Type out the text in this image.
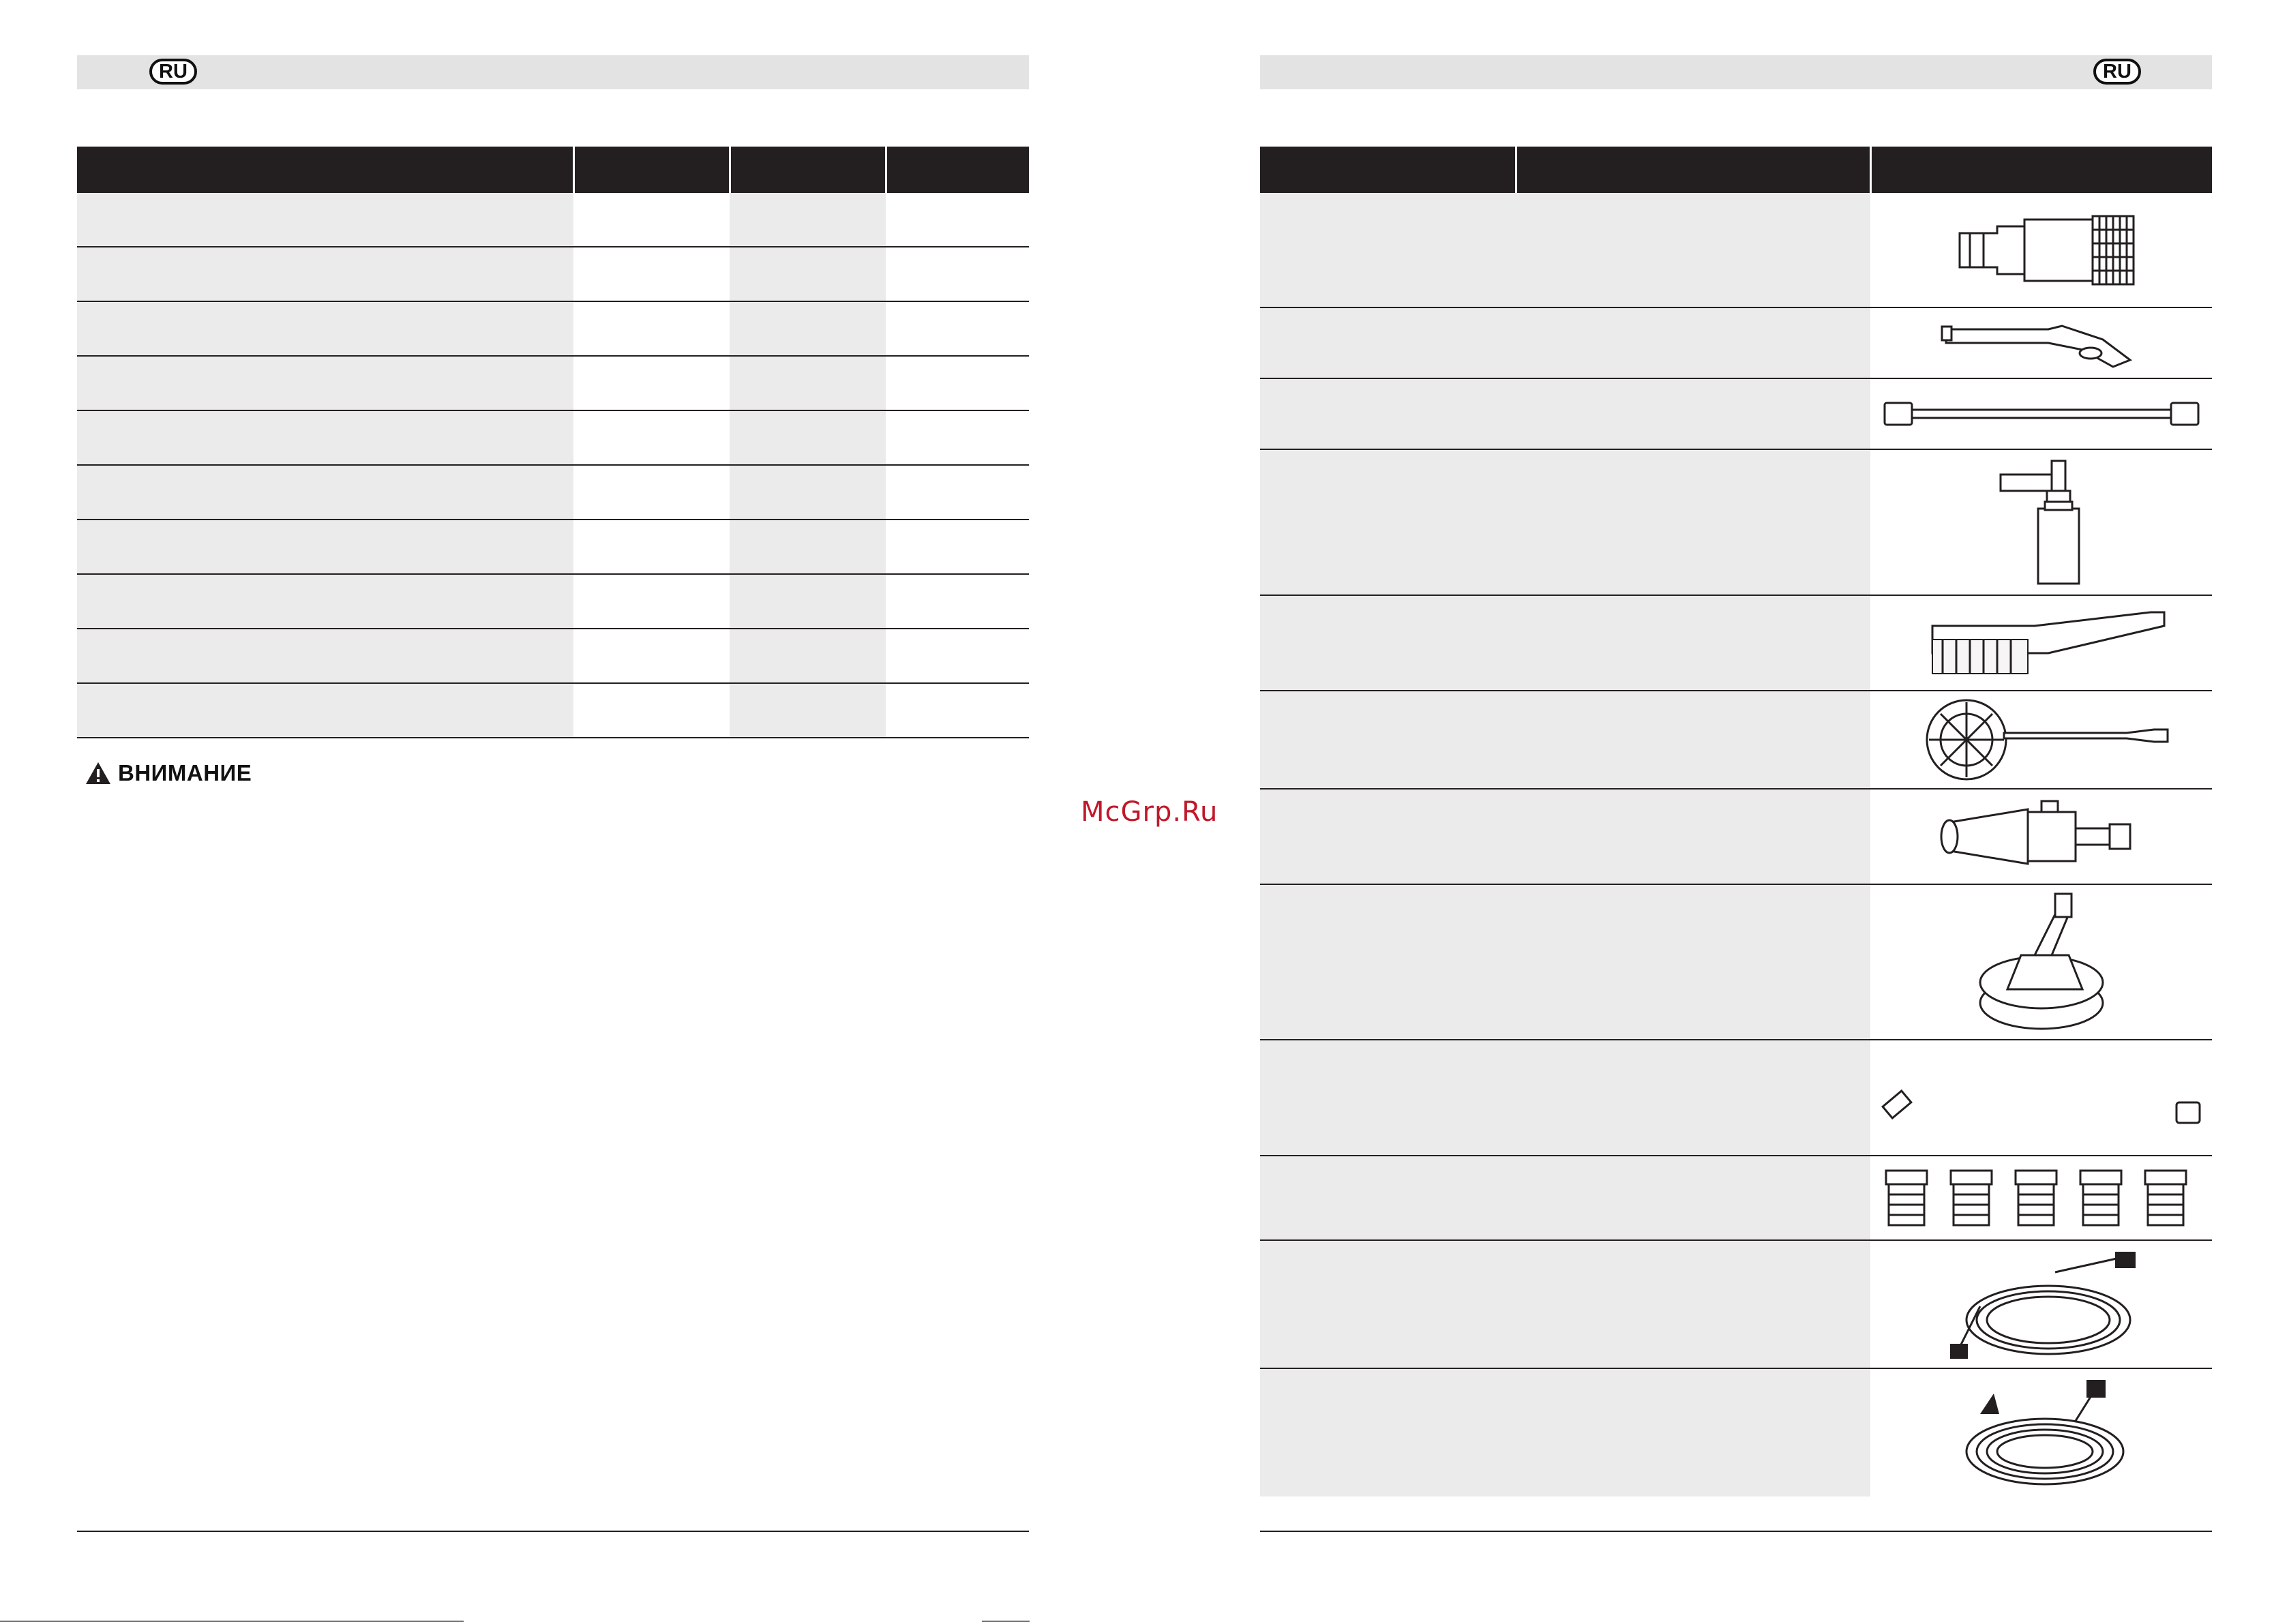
RU

ВНИМАНИЕ
McGrp.Ru
RU
